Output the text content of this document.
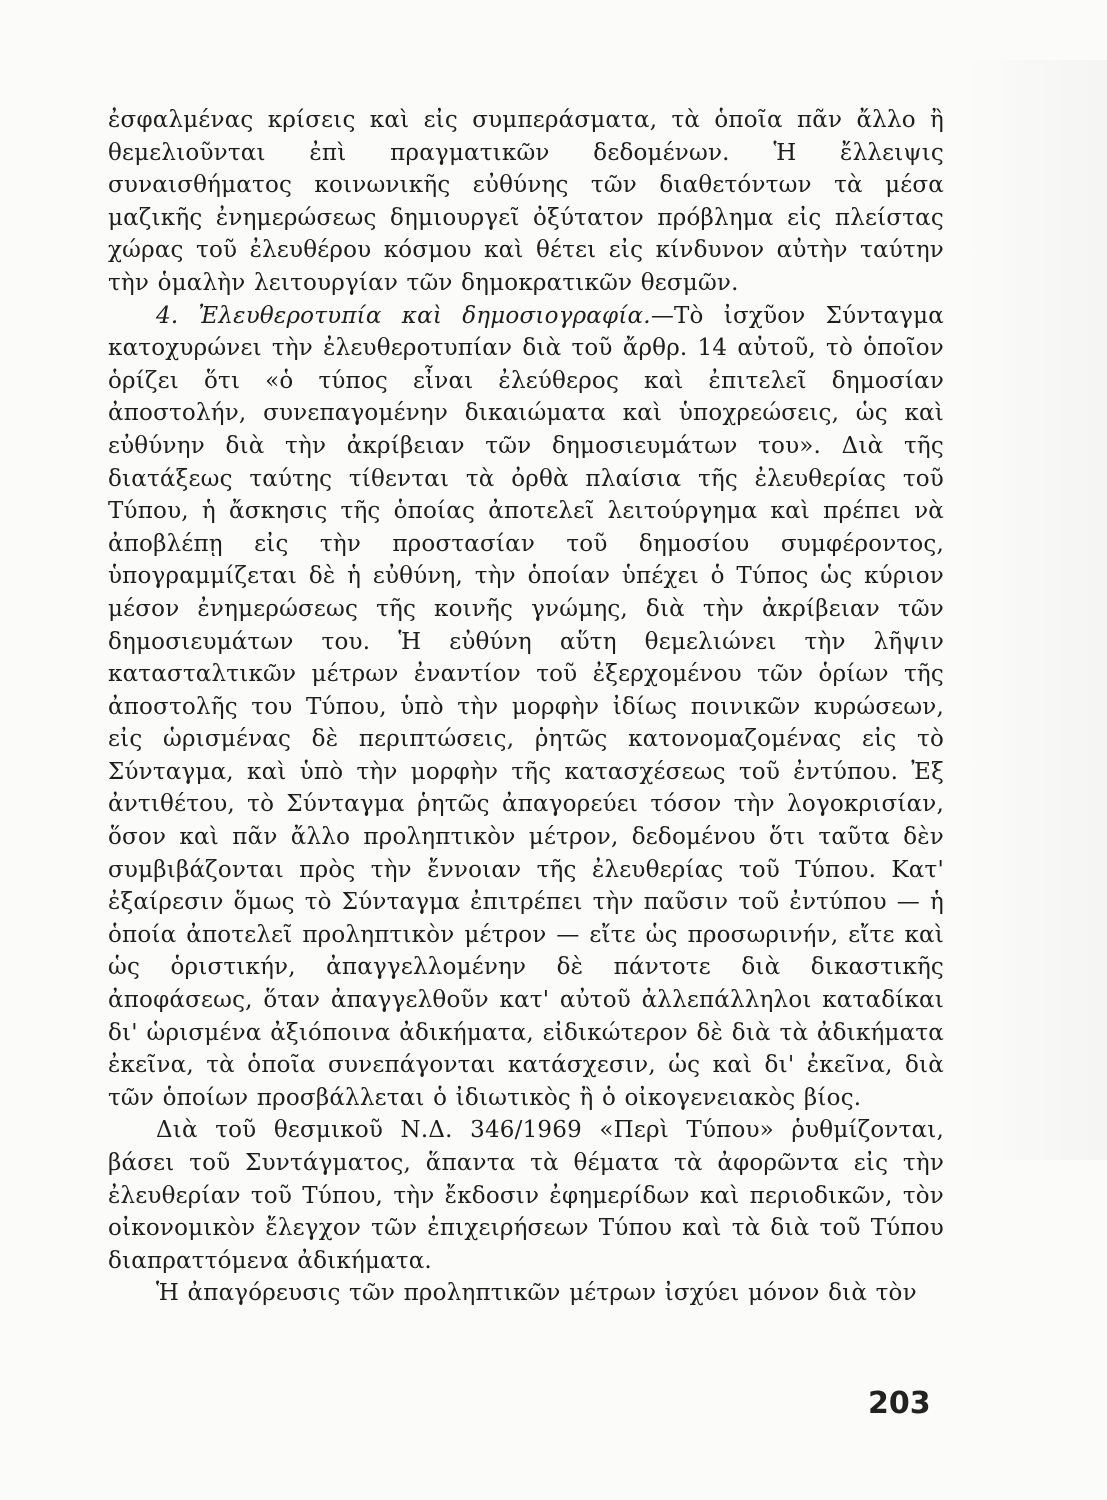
ἐσφαλμένας κρίσεις καὶ εἰς συμπεράσματα, τὰ ὁποῖα πᾶν ἄλλο ἢ θεμελιοῦνται ἐπὶ πραγματικῶν δεδομένων. Ἡ ἔλλειψις συναισθήματος κοινωνικῆς εὐθύνης τῶν διαθετόντων τὰ μέσα μαζικῆς ἐνημερώσεως δημιουργεῖ ὀξύτατον πρόβλημα εἰς πλείστας χώρας τοῦ ἐλευθέρου κόσμου καὶ θέτει εἰς κίνδυνον αὐτὴν ταύτην τὴν ὁμαλὴν λειτουργίαν τῶν δημοκρατικῶν θεσμῶν.

4. Ἐλευθεροτυπία καὶ δημοσιογραφία.—Τὸ ἰσχῦον Σύνταγμα κατοχυρώνει τὴν ἐλευθεροτυπίαν διὰ τοῦ ἄρθρ. 14 αὐτοῦ, τὸ ὁποῖον ὁρίζει ὅτι «ὁ τύπος εἶναι ἐλεύθερος καὶ ἐπιτελεῖ δημοσίαν ἀποστολήν, συνεπαγομένην δικαιώματα καὶ ὑποχρεώσεις, ὡς καὶ εὐθύνην διὰ τὴν ἀκρίβειαν τῶν δημοσιευμάτων του». Διὰ τῆς διατάξεως ταύτης τίθενται τὰ ὀρθὰ πλαίσια τῆς ἐλευθερίας τοῦ Τύπου, ἡ ἄσκησις τῆς ὁποίας ἀποτελεῖ λειτούργημα καὶ πρέπει νὰ ἀποβλέπῃ εἰς τὴν προστασίαν τοῦ δημοσίου συμφέροντος, ὑπογραμμίζεται δὲ ἡ εὐθύνη, τὴν ὁποίαν ὑπέχει ὁ Τύπος ὡς κύριον μέσον ἐνημερώσεως τῆς κοινῆς γνώμης, διὰ τὴν ἀκρίβειαν τῶν δημοσιευμάτων του. Ἡ εὐθύνη αὕτη θεμελιώνει τὴν λῆψιν κατασταλτικῶν μέτρων ἐναντίον τοῦ ἐξερχομένου τῶν ὁρίων τῆς ἀποστολῆς του Τύπου, ὑπὸ τὴν μορφὴν ἰδίως ποινικῶν κυρώσεων, εἰς ὡρισμένας δὲ περιπτώσεις, ῥητῶς κατονομαζομένας εἰς τὸ Σύνταγμα, καὶ ὑπὸ τὴν μορφὴν τῆς κατασχέσεως τοῦ ἐντύπου. Ἐξ ἀντιθέτου, τὸ Σύνταγμα ῥητῶς ἀπαγορεύει τόσον τὴν λογοκρισίαν, ὅσον καὶ πᾶν ἄλλο προληπτικὸν μέτρον, δεδομένου ὅτι ταῦτα δὲν συμβιβάζονται πρὸς τὴν ἔννοιαν τῆς ἐλευθερίας τοῦ Τύπου. Κατ' ἐξαίρεσιν ὅμως τὸ Σύνταγμα ἐπιτρέπει τὴν παῦσιν τοῦ ἐντύπου — ἡ ὁποία ἀποτελεῖ προληπτικὸν μέτρον — εἴτε ὡς προσωρινήν, εἴτε καὶ ὡς ὁριστικήν, ἀπαγγελλομένην δὲ πάντοτε διὰ δικαστικῆς ἀποφάσεως, ὅταν ἀπαγγελθοῦν κατ' αὐτοῦ ἀλλεπάλληλοι καταδίκαι δι' ὡρισμένα ἀξιόποινα ἀδικήματα, εἰδικώτερον δὲ διὰ τὰ ἀδικήματα ἐκεῖνα, τὰ ὁποῖα συνεπάγονται κατάσχεσιν, ὡς καὶ δι' ἐκεῖνα, διὰ τῶν ὁποίων προσβάλλεται ὁ ἰδιωτικὸς ἢ ὁ οἰκογενειακὸς βίος.

Διὰ τοῦ θεσμικοῦ Ν.Δ. 346/1969 «Περὶ Τύπου» ῥυθμίζονται, βάσει τοῦ Συντάγματος, ἅπαντα τὰ θέματα τὰ ἀφορῶντα εἰς τὴν ἐλευθερίαν τοῦ Τύπου, τὴν ἔκδοσιν ἐφημερίδων καὶ περιοδικῶν, τὸν οἰκονομικὸν ἔλεγχον τῶν ἐπιχειρήσεων Τύπου καὶ τὰ διὰ τοῦ Τύπου διαπραττόμενα ἀδικήματα.

Ἡ ἀπαγόρευσις τῶν προληπτικῶν μέτρων ἰσχύει μόνον διὰ τὸν

203
